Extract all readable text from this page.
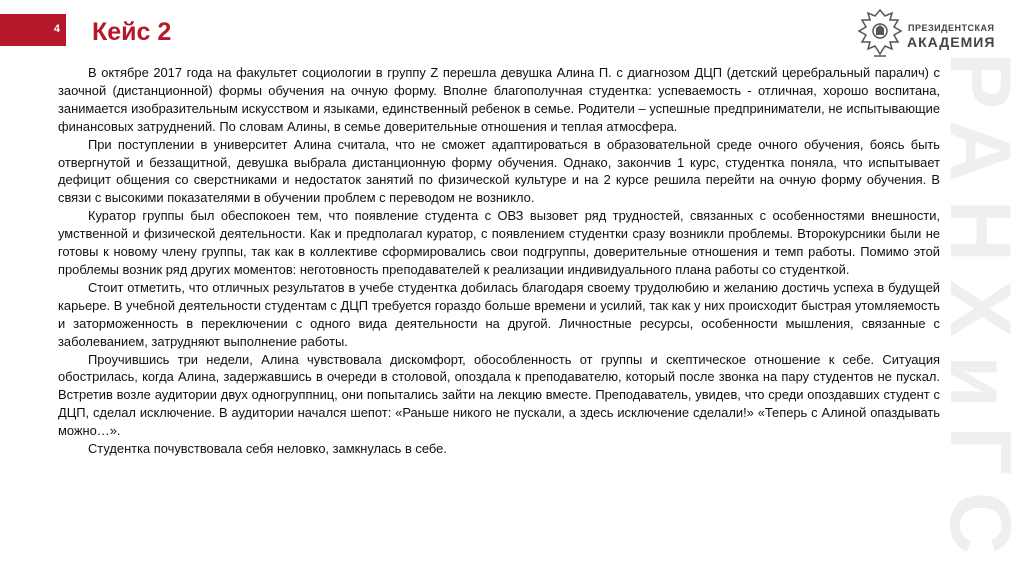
4 Кейс 2	ПРЕЗИДЕНТСКАЯ
АКАДЕМИЯ
РАНХиГС

В октябре 2017 года на факультет социологии в группу Z перешла девушка Алина П. с диагнозом ДЦП (детский церебральный паралич) с заочной (дистанционной) формы обучения на очную форму. Вполне благополучная студентка: успеваемость - отличная, хорошо воспитана, занимается изобразительным искусством и языками, единственный ребенок в семье. Родители – успешные предприниматели, не испытывающие финансовых затруднений. По словам Алины, в семье доверительные отношения и теплая атмосфера.

При поступлении в университет Алина считала, что не сможет адаптироваться в образовательной среде очного обучения, боясь быть отвергнутой и беззащитной, девушка выбрала дистанционную форму обучения. Однако, закончив 1 курс, студентка поняла, что испытывает дефицит общения со сверстниками и недостаток занятий по физической культуре и на 2 курсе решила перейти на очную форму обучения. В связи с высокими показателями в обучении проблем с переводом не возникло.

Куратор группы был обеспокоен тем, что появление студента с ОВЗ вызовет ряд трудностей, связанных с особенностями внешности, умственной и физической деятельности. Как и предполагал куратор, с появлением студентки сразу возникли проблемы. Второкурсники были не готовы к новому члену группы, так как в коллективе сформировались свои подгруппы, доверительные отношения и темп работы. Помимо этой проблемы возник ряд других моментов: неготовность преподавателей к реализации индивидуального плана работы со студенткой.

Стоит отметить, что отличных результатов в учебе студентка добилась благодаря своему трудолюбию и желанию достичь успеха в будущей карьере. В учебной деятельности студентам с ДЦП требуется гораздо больше времени и усилий, так как у них происходит быстрая утомляемость и заторможенность в переключении с одного вида деятельности на другой. Личностные ресурсы, особенности мышления, связанные с заболеванием, затрудняют выполнение работы.

Проучившись три недели, Алина чувствовала дискомфорт, обособленность от группы и скептическое отношение к себе. Ситуация обострилась, когда Алина, задержавшись в очереди в столовой, опоздала к преподавателю, который после звонка на пару студентов не пускал. Встретив возле аудитории двух одногруппниц, они попытались зайти на лекцию вместе. Преподаватель, увидев, что среди опоздавших студент с ДЦП, сделал исключение. В аудитории начался шепот: «Раньше никого не пускали, а здесь исключение сделали!» «Теперь с Алиной опаздывать можно…».

Студентка почувствовала себя неловко, замкнулась в себе.
